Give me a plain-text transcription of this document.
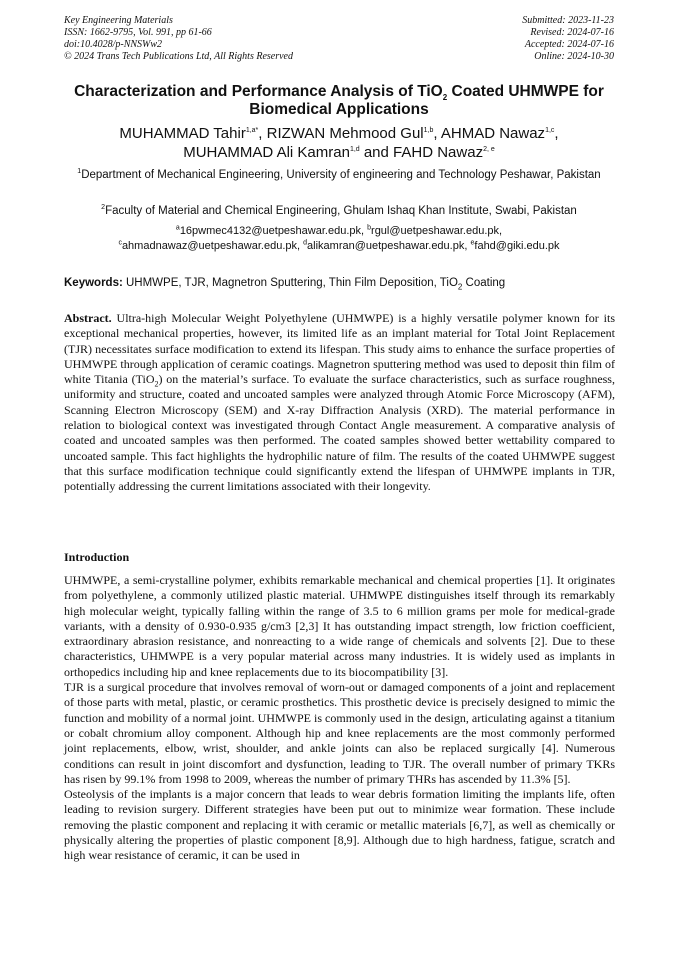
Key Engineering Materials
ISSN: 1662-9795, Vol. 991, pp 61-66
doi:10.4028/p-NNSWw2
© 2024 Trans Tech Publications Ltd, All Rights Reserved
Submitted: 2023-11-23
Revised: 2024-07-16
Accepted: 2024-07-16
Online: 2024-10-30
Characterization and Performance Analysis of TiO$_2$ Coated UHMWPE for Biomedical Applications
MUHAMMAD Tahir$^{1,a*}$, RIZWAN Mehmood Gul$^{1,b}$, AHMAD Nawaz$^{1,c}$,
MUHAMMAD Ali Kamran$^{1,d}$ and FAHD Nawaz$^{2, e}$
$^1$Department of Mechanical Engineering, University of engineering and Technology Peshawar, Pakistan
$^2$Faculty of Material and Chemical Engineering, Ghulam Ishaq Khan Institute, Swabi, Pakistan
$^a$16pwmec4132@uetpeshawar.edu.pk, $^b$rgul@uetpeshawar.edu.pk,
$^c$ahmadnawaz@uetpeshawar.edu.pk, $^d$alikamran@uetpeshawar.edu.pk, $^e$fahd@giki.edu.pk
Keywords: UHMWPE, TJR, Magnetron Sputtering, Thin Film Deposition, TiO$_2$ Coating
Abstract. Ultra-high Molecular Weight Polyethylene (UHMWPE) is a highly versatile polymer known for its exceptional mechanical properties, however, its limited life as an implant material for Total Joint Replacement (TJR) necessitates surface modification to extend its lifespan. This study aims to enhance the surface properties of UHMWPE through application of ceramic coatings. Magnetron sputtering method was used to deposit thin film of white Titania (TiO$_2$) on the material’s surface. To evaluate the surface characteristics, such as surface roughness, uniformity and structure, coated and uncoated samples were analyzed through Atomic Force Microscopy (AFM), Scanning Electron Microscopy (SEM) and X-ray Diffraction Analysis (XRD). The material performance in relation to biological context was investigated through Contact Angle measurement. A comparative analysis of coated and uncoated samples was then performed. The coated samples showed better wettability compared to uncoated sample. This fact highlights the hydrophilic nature of film. The results of the coated UHMWPE suggest that this surface modification technique could significantly extend the lifespan of UHMWPE implants in TJR, potentially addressing the current limitations associated with their longevity.
Introduction

UHMWPE, a semi-crystalline polymer, exhibits remarkable mechanical and chemical properties [1]. It originates from polyethylene, a commonly utilized plastic material. UHMWPE distinguishes itself through its remarkably high molecular weight, typically falling within the range of 3.5 to 6 million grams per mole for medical-grade variants, with a density of 0.930-0.935 g/cm3 [2,3] It has outstanding impact strength, low friction coefficient, extraordinary abrasion resistance, and nonreacting to a wide range of chemicals and solvents [2]. Due to these characteristics, UHMWPE is a very popular material across many industries. It is widely used as implants in orthopedics including hip and knee replacements due to its biocompatibility [3].

TJR is a surgical procedure that involves removal of worn-out or damaged components of a joint and replacement of those parts with metal, plastic, or ceramic prosthetics. This prosthetic device is precisely designed to mimic the function and mobility of a normal joint. UHMWPE is commonly used in the design, articulating against a titanium or cobalt chromium alloy component. Although hip and knee replacements are the most commonly performed joint replacements, elbow, wrist, shoulder, and ankle joints can also be replaced surgically [4]. Numerous conditions can result in joint discomfort and dysfunction, leading to TJR. The overall number of primary TKRs has risen by 99.1% from 1998 to 2009, whereas the number of primary THRs has ascended by 11.3% [5].

Osteolysis of the implants is a major concern that leads to wear debris formation limiting the implants life, often leading to revision surgery. Different strategies have been put out to minimize wear formation. These include removing the plastic component and replacing it with ceramic or metallic materials [6,7], as well as chemically or physically altering the properties of plastic component [8,9]. Although due to high hardness, fatigue, scratch and high wear resistance of ceramic, it can be used in
